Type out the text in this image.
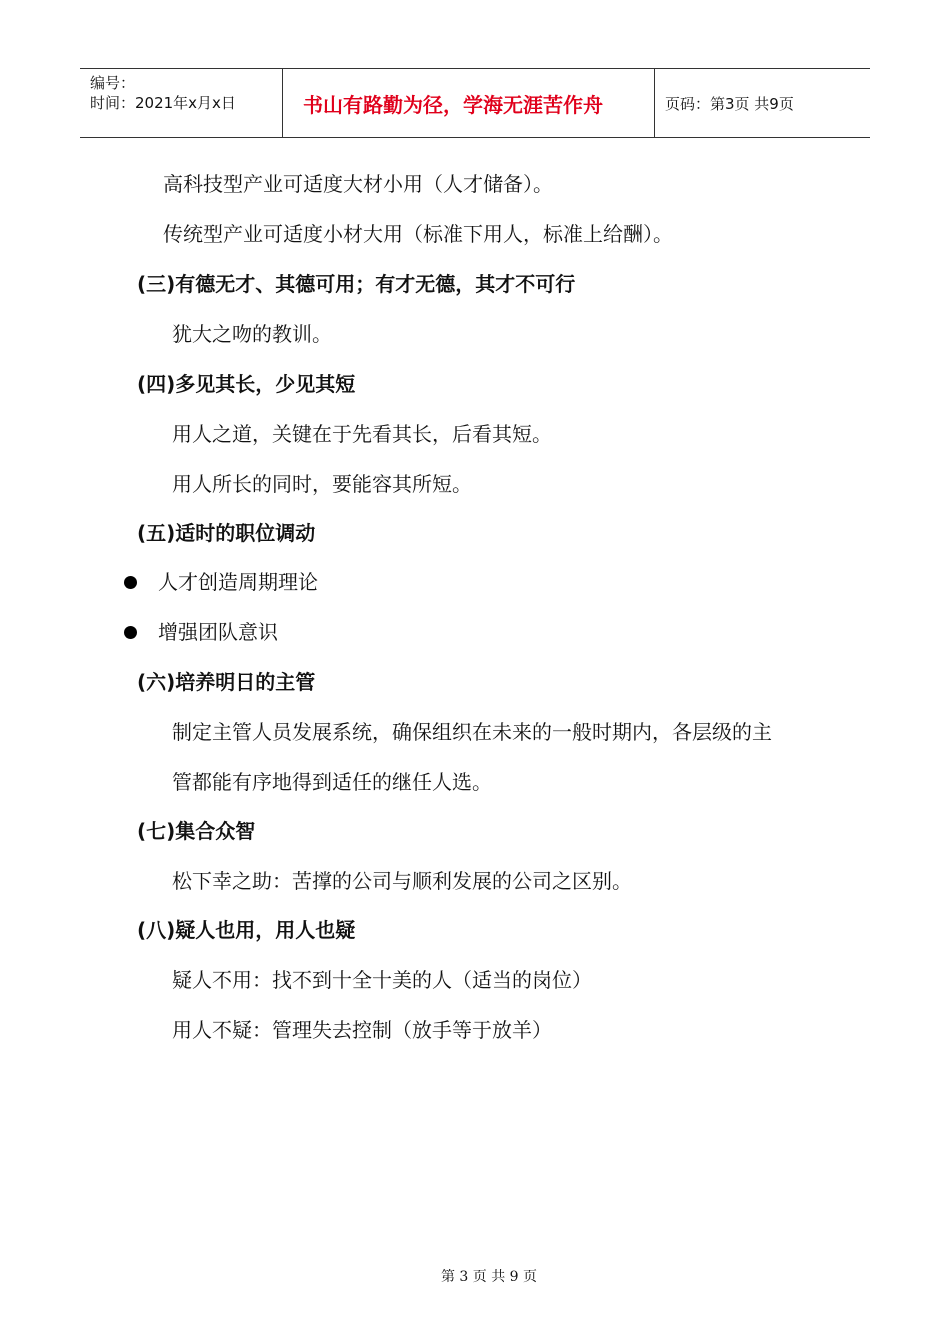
编号：
时间：2021年x月x日	书山有路勤为径，学海无涯苦作舟	页码：第3页 共9页
高科技型产业可适度大材小用（人才储备）。
传统型产业可适度小材大用（标准下用人，标准上给酬）。
(三)有德无才、其德可用；有才无德，其才不可行
犹大之吻的教训。
(四)多见其长，少见其短
用人之道，关键在于先看其长，后看其短。
用人所长的同时，要能容其所短。
(五)适时的职位调动
人才创造周期理论
增强团队意识
(六)培养明日的主管
制定主管人员发展系统，确保组织在未来的一般时期内，各层级的主
管都能有序地得到适任的继任人选。
(七)集合众智
松下幸之助：苦撑的公司与顺利发展的公司之区别。
(八)疑人也用，用人也疑
疑人不用：找不到十全十美的人（适当的岗位）
用人不疑：管理失去控制（放手等于放羊）
第 3 页 共 9 页
